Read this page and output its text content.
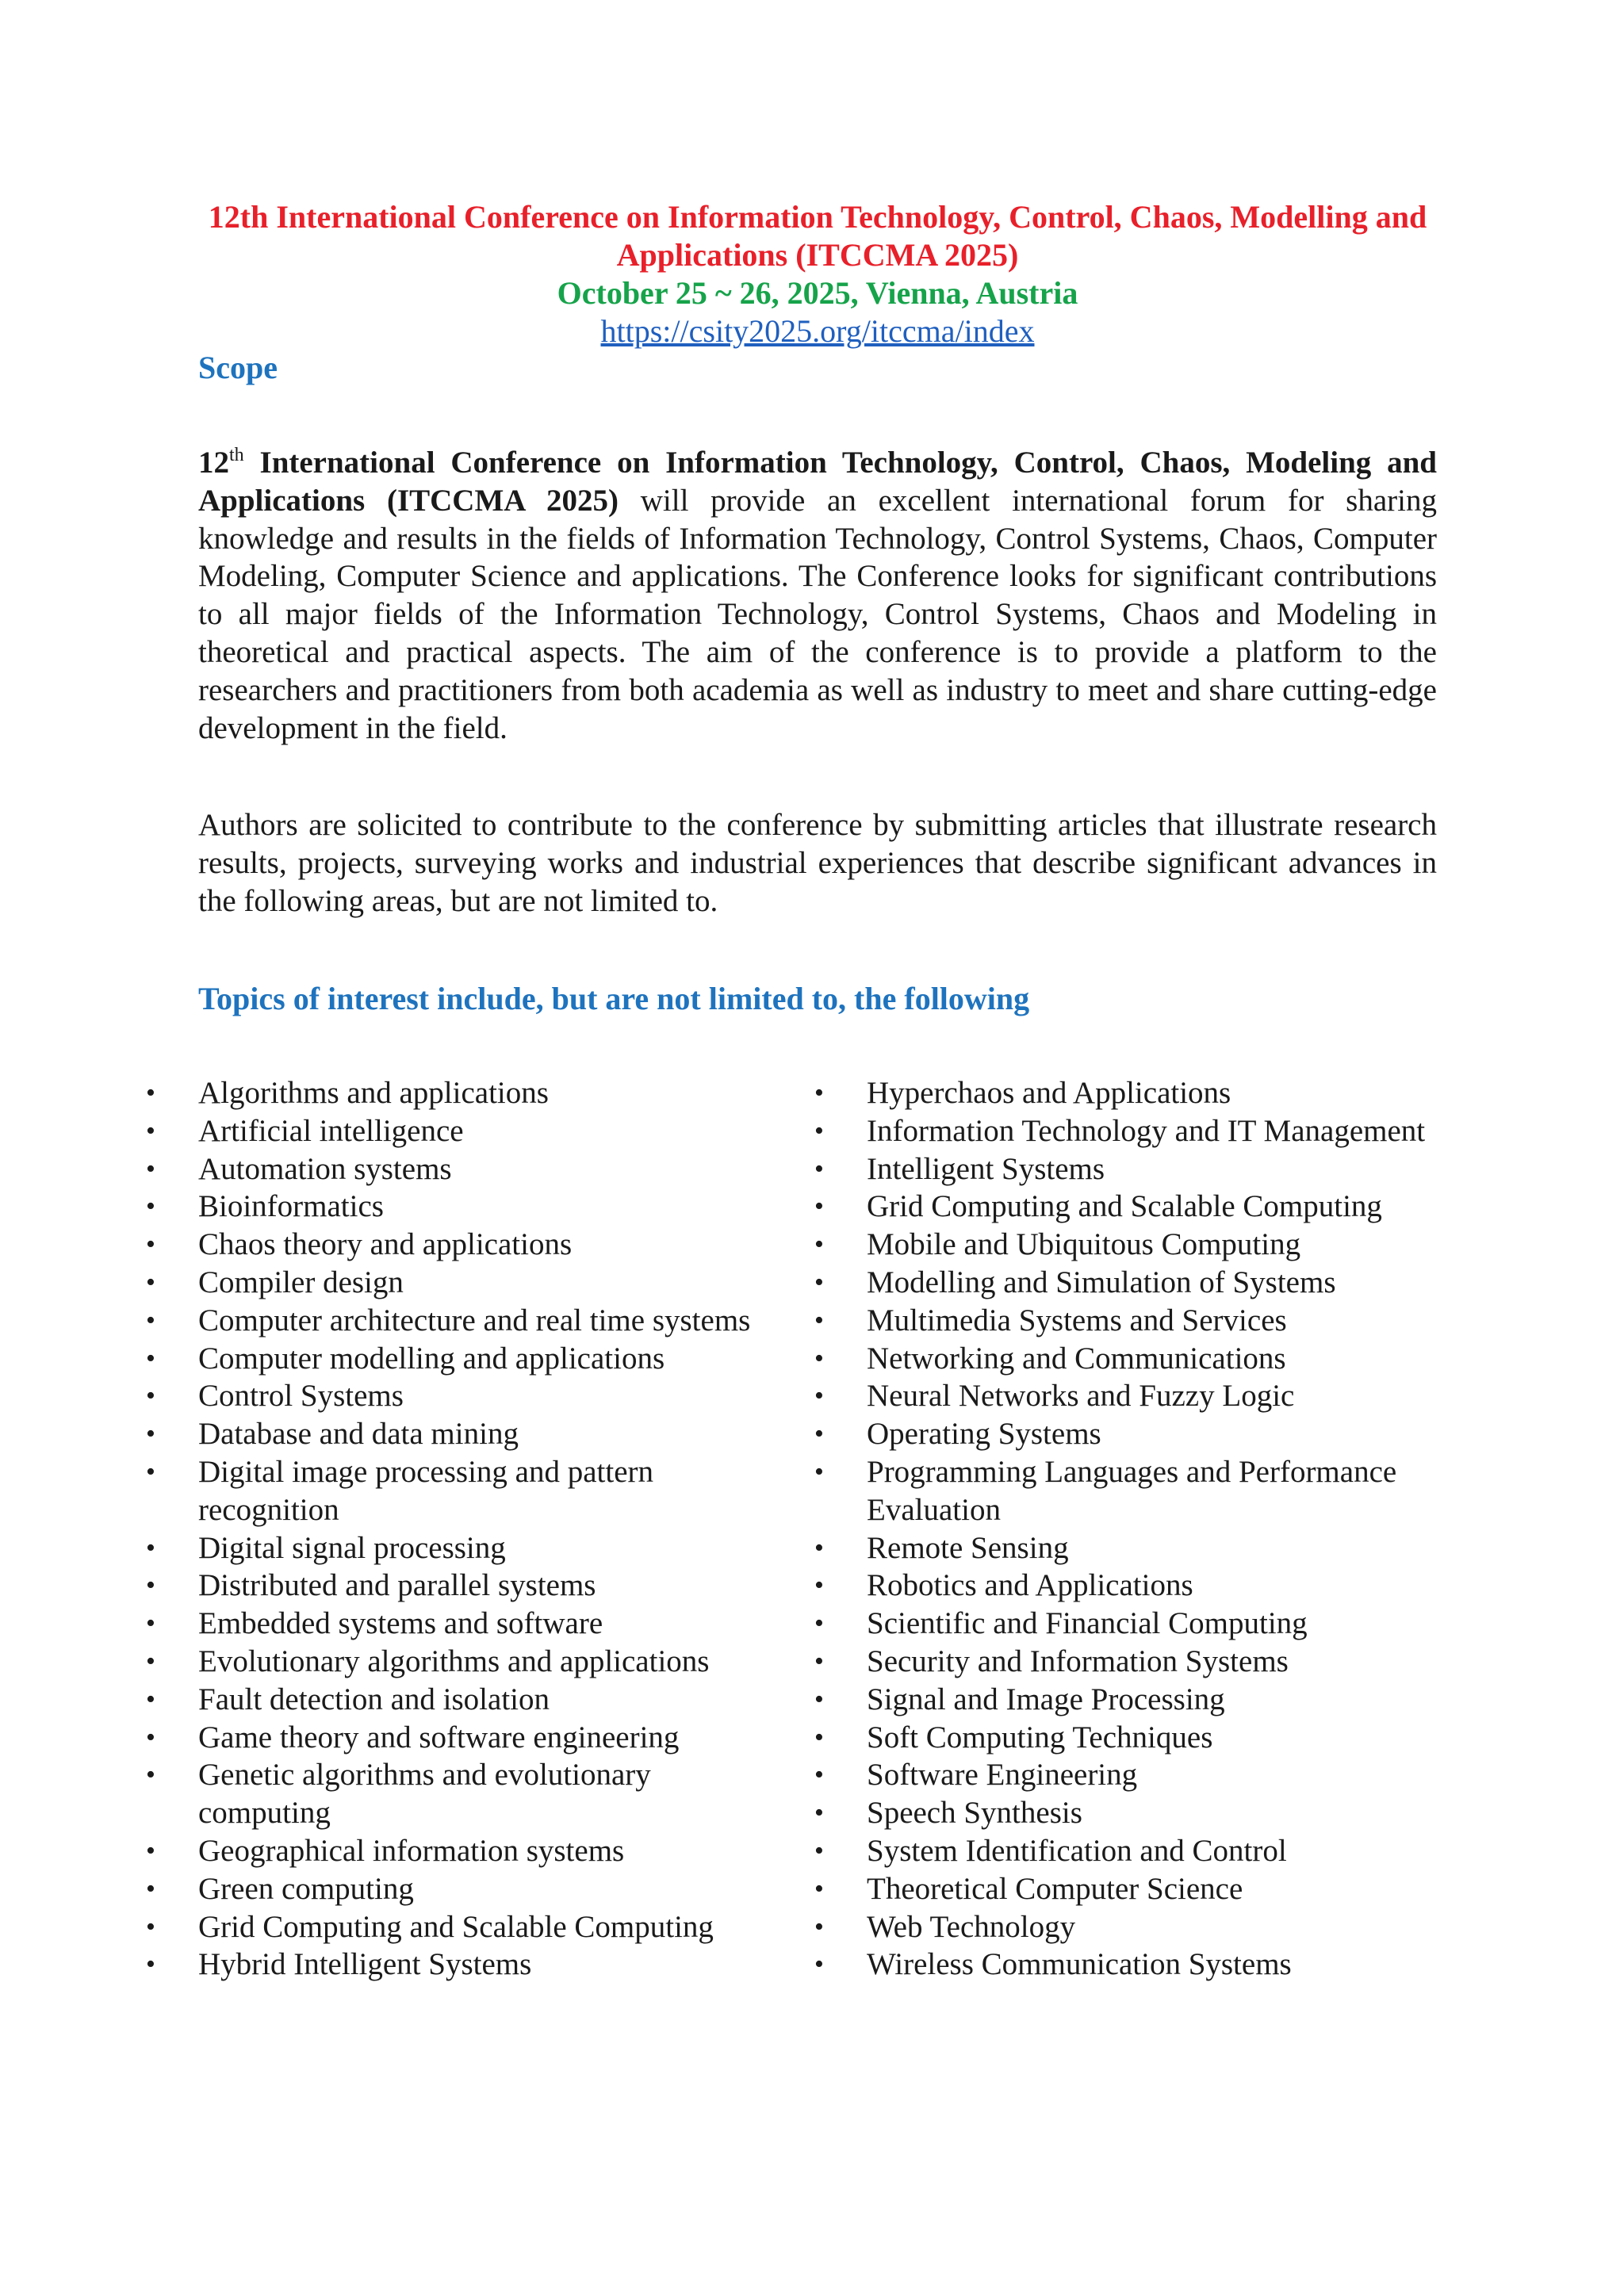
12th International Conference on Information Technology, Control, Chaos, Modelling and Applications (ITCCMA 2025)
October 25 ~ 26, 2025, Vienna, Austria
https://csity2025.org/itccma/index
Scope
12th International Conference on Information Technology, Control, Chaos, Modeling and Applications (ITCCMA 2025) will provide an excellent international forum for sharing knowledge and results in the fields of Information Technology, Control Systems, Chaos, Computer Modeling, Computer Science and applications. The Conference looks for significant contributions to all major fields of the Information Technology, Control Systems, Chaos and Modeling in theoretical and practical aspects. The aim of the conference is to provide a platform to the researchers and practitioners from both academia as well as industry to meet and share cutting-edge development in the field.
Authors are solicited to contribute to the conference by submitting articles that illustrate research results, projects, surveying works and industrial experiences that describe significant advances in the following areas, but are not limited to.
Topics of interest include, but are not limited to, the following
• Algorithms and applications
• Artificial intelligence
• Automation systems
• Bioinformatics
• Chaos theory and applications
• Compiler design
• Computer architecture and real time systems
• Computer modelling and applications
• Control Systems
• Database and data mining
• Digital image processing and pattern recognition
• Digital signal processing
• Distributed and parallel systems
• Embedded systems and software
• Evolutionary algorithms and applications
• Fault detection and isolation
• Game theory and software engineering
• Genetic algorithms and evolutionary computing
• Geographical information systems
• Green computing
• Grid Computing and Scalable Computing
• Hybrid Intelligent Systems
• Hyperchaos and Applications
• Information Technology and IT Management
• Intelligent Systems
• Grid Computing and Scalable Computing
• Mobile and Ubiquitous Computing
• Modelling and Simulation of Systems
• Multimedia Systems and Services
• Networking and Communications
• Neural Networks and Fuzzy Logic
• Operating Systems
• Programming Languages and Performance Evaluation
• Remote Sensing
• Robotics and Applications
• Scientific and Financial Computing
• Security and Information Systems
• Signal and Image Processing
• Soft Computing Techniques
• Software Engineering
• Speech Synthesis
• System Identification and Control
• Theoretical Computer Science
• Web Technology
• Wireless Communication Systems
